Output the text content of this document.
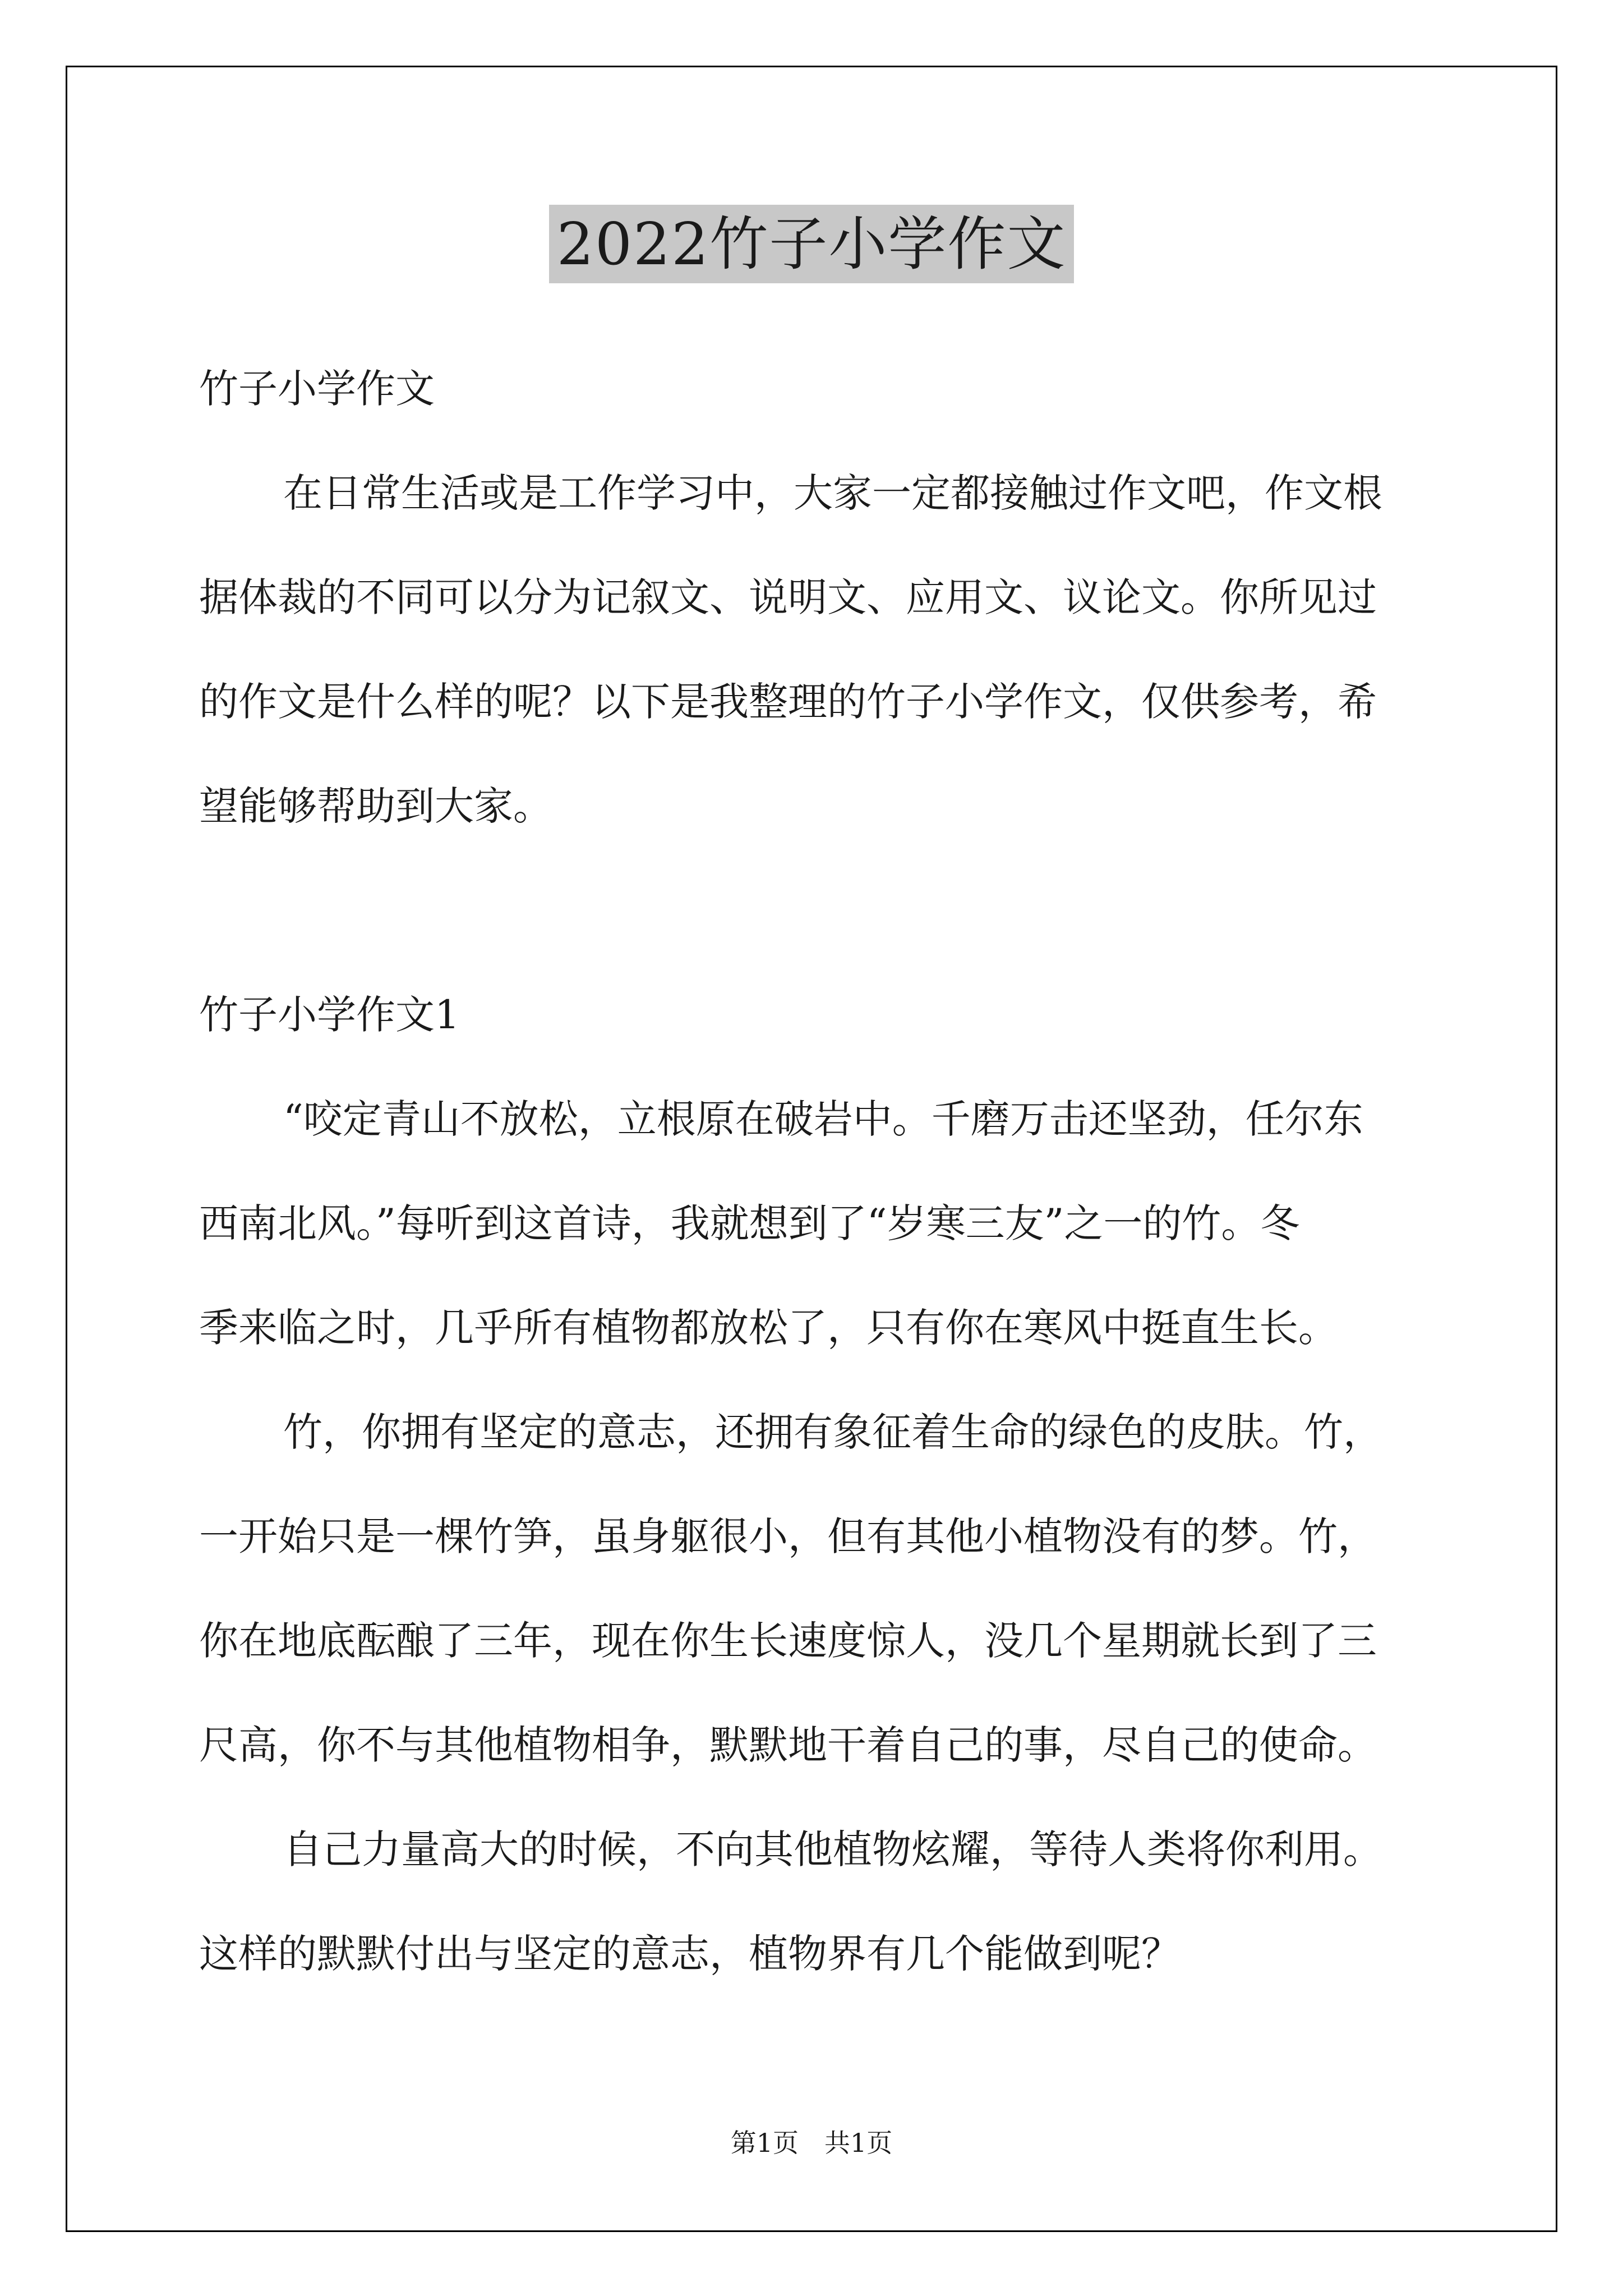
2022竹子小学作文
竹子小学作文
在日常生活或是工作学习中，大家一定都接触过作文吧，作文根
据体裁的不同可以分为记叙文、说明文、应用文、议论文。你所见过
的作文是什么样的呢？以下是我整理的竹子小学作文，仅供参考，希
望能够帮助到大家。
竹子小学作文1
“咬定青山不放松，立根原在破岩中。千磨万击还坚劲，任尔东
西南北风。”每听到这首诗，我就想到了“岁寒三友”之一的竹。冬
季来临之时，几乎所有植物都放松了，只有你在寒风中挺直生长。
竹，你拥有坚定的意志，还拥有象征着生命的绿色的皮肤。竹，
一开始只是一棵竹笋，虽身躯很小，但有其他小植物没有的梦。竹，
你在地底酝酿了三年，现在你生长速度惊人，没几个星期就长到了三
尺高，你不与其他植物相争，默默地干着自己的事，尽自己的使命。
自己力量高大的时候，不向其他植物炫耀，等待人类将你利用。
这样的默默付出与坚定的意志，植物界有几个能做到呢？
第1页　共1页
